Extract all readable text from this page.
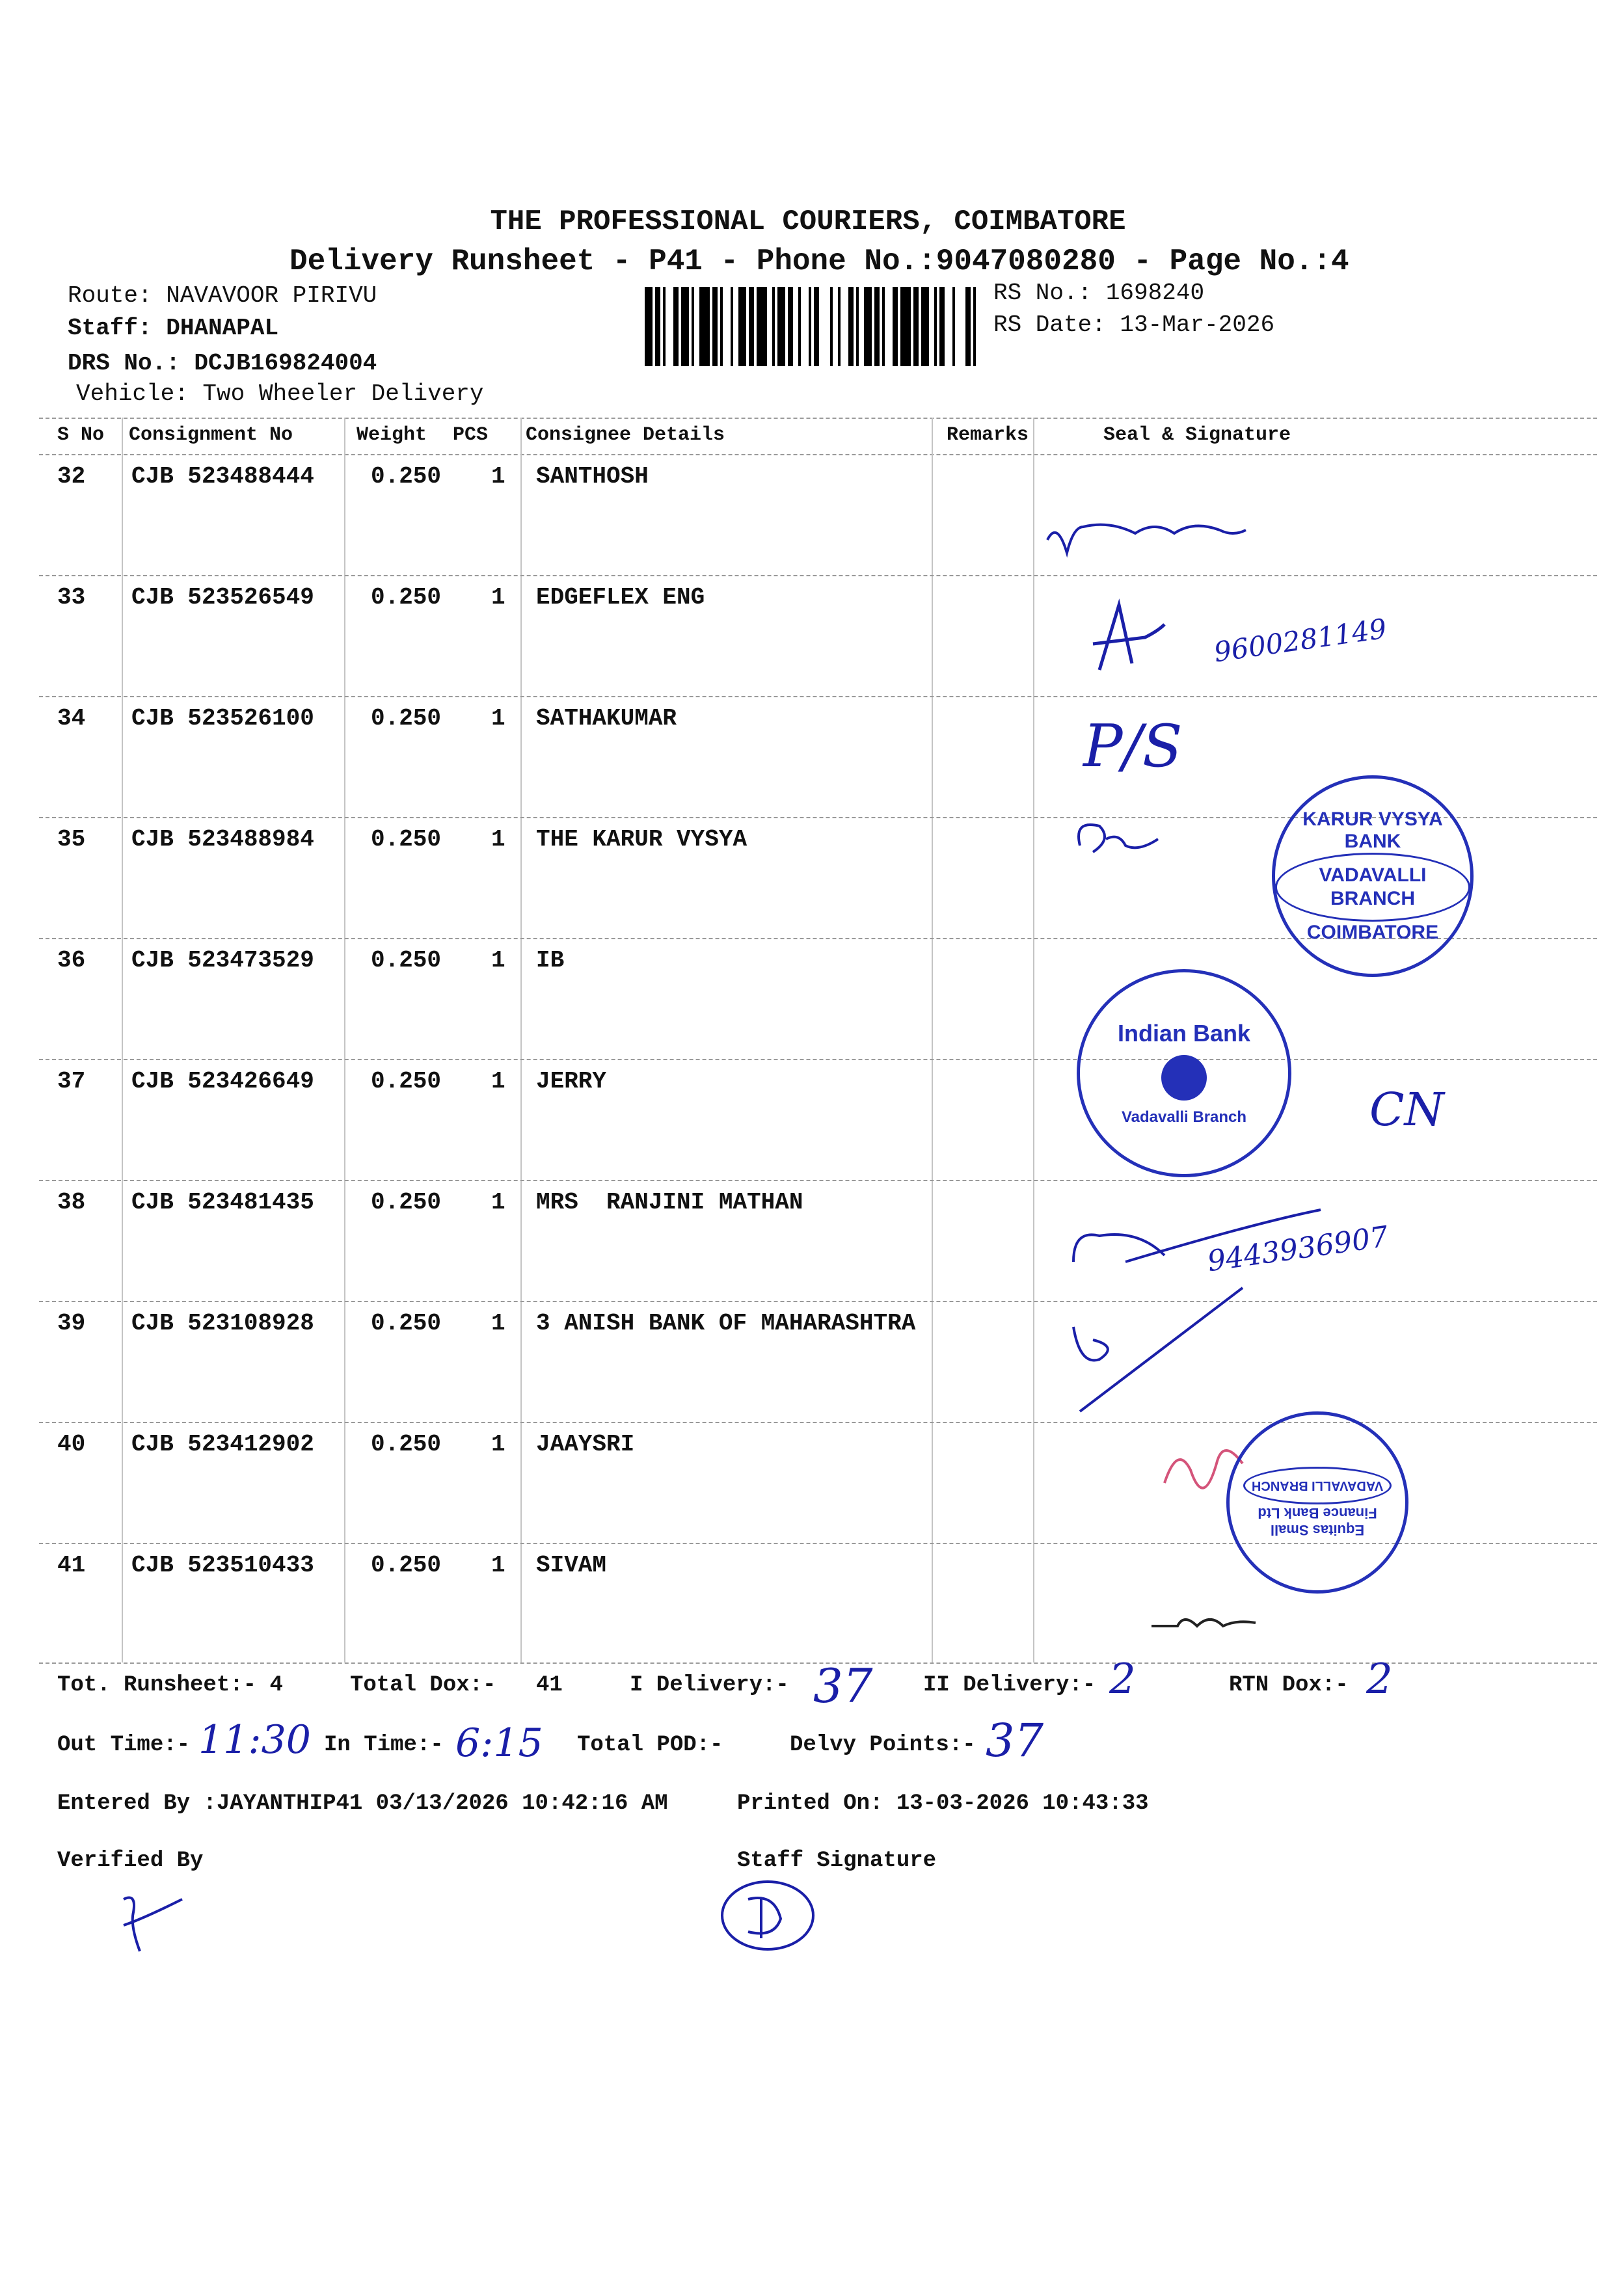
THE PROFESSIONAL COURIERS, COIMBATORE
Delivery Runsheet - P41 - Phone No.:9047080280 - Page No.:4
Route: NAVAVOOR PIRIVU
Staff: DHANAPAL
DRS No.: DCJB169824004
Vehicle: Two Wheeler Delivery
RS No.: 1698240
RS Date: 13-Mar-2026
S No Consignment No	Weight PCS Consignee Details	Remarks	Seal & Signature
32 CJB 523488444 0.250 1 SANTHOSH
33 CJB 523526549 0.250 1 EDGEFLEX ENG
34 CJB 523526100 0.250 1 SATHAKUMAR
35 CJB 523488984 0.250 1 THE KARUR VYSYA
36 CJB 523473529 0.250 1 IB
37 CJB 523426649 0.250 1 JERRY
38 CJB 523481435 0.250 1 MRS  RANJINI MATHAN
39 CJB 523108928 0.250 1 3 ANISH BANK OF MAHARASHTRA
40 CJB 523412902 0.250 1 JAAYSRI
41 CJB 523510433 0.250 1 SIVAM
9600281149
P/S
CN
9443936907
KARUR VYSYA BANK
VADAVALLI BRANCH
COIMBATORE
Indian Bank
Vadavalli Branch
Equitas Small Finance Bank Ltd
VADAVALLI BRANCH
Tot. Runsheet:- 4	Total Dox:- 41	I Delivery:- 37 II Delivery:- 2	RTN Dox:- 2
Out Time:- 11:30 In Time:- 6:15 Total POD:-	Delvy Points:- 37
Entered By :JAYANTHIP41 03/13/2026 10:42:16 AM	Printed On: 13-03-2026 10:43:33
Verified By	Staff Signature
